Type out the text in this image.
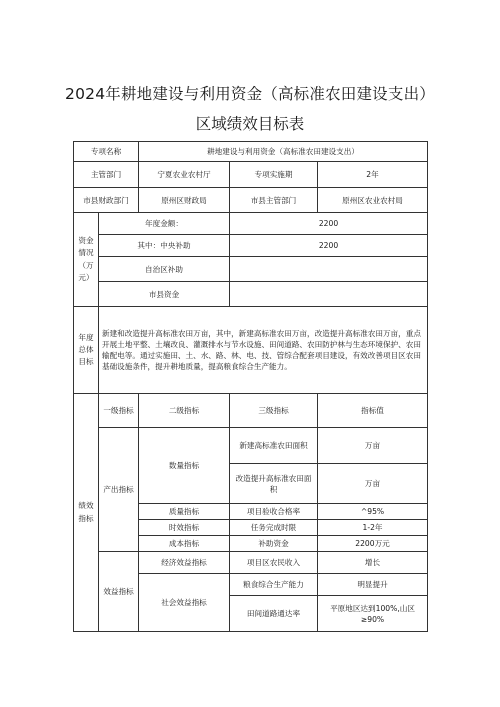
2024年耕地建设与利用资金（高标准农田建设支出）
区域绩效目标表
专项名称		耕地建设与利用资金（高标准农田建设支出）		
主管部门		宁夏农业农村厅	专项实施期	2年
市县财政部门		原州区财政局	市县主管部门	原州区农业农村局
资金情况（万元）	年度金额：		2200	
	其中：中央补助		2200	
	自治区补助			
	市县资金			
年度总体目标	新建和改造提升高标准农田万亩，其中，新建高标准农田万亩，改造提升高标准农田万亩，重点开展土地平整、土壤改良、灌溉排水与节水设施、田间道路、农田防护林与生态环境保护、农田输配电等。通过实施田、土、水、路、林、电、技、管综合配套项目建设，有效改善项目区农田基础设施条件，提升耕地质量，提高粮食综合生产能力。			
绩效指标	一级指标	二级指标	三级指标	指标值
	产出指标	数量指标	新建高标准农田面积	万亩
			改造提升高标准农田面积	万亩
		质量指标	项目验收合格率	^95%
		时效指标	任务完成时限	1-2年
		成本指标	补助资金	2200万元
	效益指标	经济效益指标	项目区农民收入	增长
		社会效益指标	粮食综合生产能力	明显提升
			田间道路通达率	平原地区达到100%,山区≥90%
